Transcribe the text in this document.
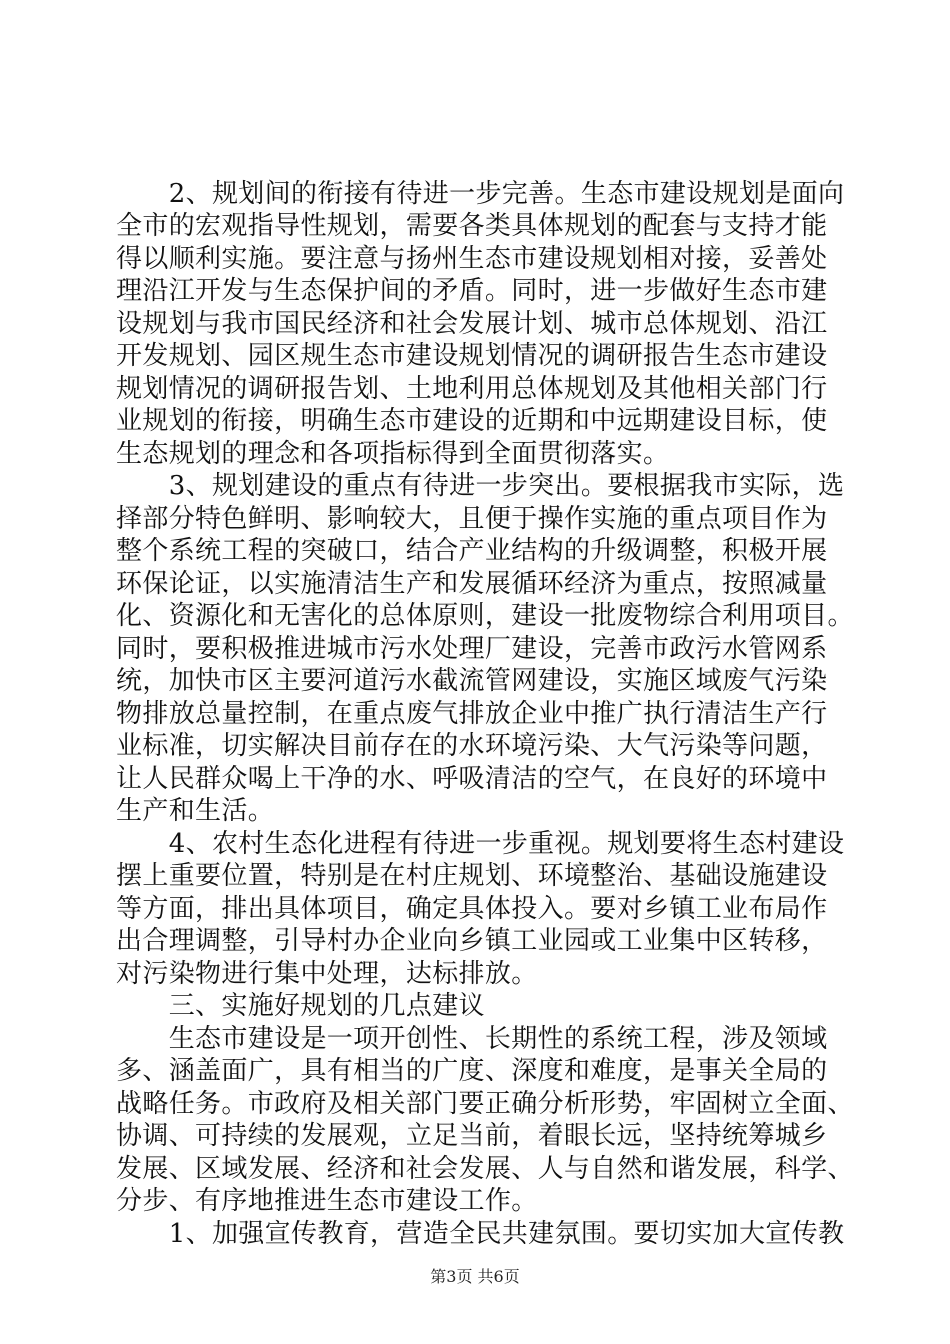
　　2、规划间的衔接有待进一步完善。生态市建设规划是面向
全市的宏观指导性规划，需要各类具体规划的配套与支持才能
得以顺利实施。要注意与扬州生态市建设规划相对接，妥善处
理沿江开发与生态保护间的矛盾。同时，进一步做好生态市建
设规划与我市国民经济和社会发展计划、城市总体规划、沿江
开发规划、园区规生态市建设规划情况的调研报告生态市建设
规划情况的调研报告划、土地利用总体规划及其他相关部门行
业规划的衔接，明确生态市建设的近期和中远期建设目标，使
生态规划的理念和各项指标得到全面贯彻落实。
　　3、规划建设的重点有待进一步突出。要根据我市实际，选
择部分特色鲜明、影响较大，且便于操作实施的重点项目作为
整个系统工程的突破口，结合产业结构的升级调整，积极开展
环保论证，以实施清洁生产和发展循环经济为重点，按照减量
化、资源化和无害化的总体原则，建设一批废物综合利用项目。
同时，要积极推进城市污水处理厂建设，完善市政污水管网系
统，加快市区主要河道污水截流管网建设，实施区域废气污染
物排放总量控制，在重点废气排放企业中推广执行清洁生产行
业标准，切实解决目前存在的水环境污染、大气污染等问题，
让人民群众喝上干净的水、呼吸清洁的空气，在良好的环境中
生产和生活。
　　4、农村生态化进程有待进一步重视。规划要将生态村建设
摆上重要位置，特别是在村庄规划、环境整治、基础设施建设
等方面，排出具体项目，确定具体投入。要对乡镇工业布局作
出合理调整，引导村办企业向乡镇工业园或工业集中区转移，
对污染物进行集中处理，达标排放。
　　三、实施好规划的几点建议
　　生态市建设是一项开创性、长期性的系统工程，涉及领域
多、涵盖面广，具有相当的广度、深度和难度，是事关全局的
战略任务。市政府及相关部门要正确分析形势，牢固树立全面、
协调、可持续的发展观，立足当前，着眼长远，坚持统筹城乡
发展、区域发展、经济和社会发展、人与自然和谐发展，科学、
分步、有序地推进生态市建设工作。
　　1、加强宣传教育，营造全民共建氛围。要切实加大宣传教
第3页 共6页
